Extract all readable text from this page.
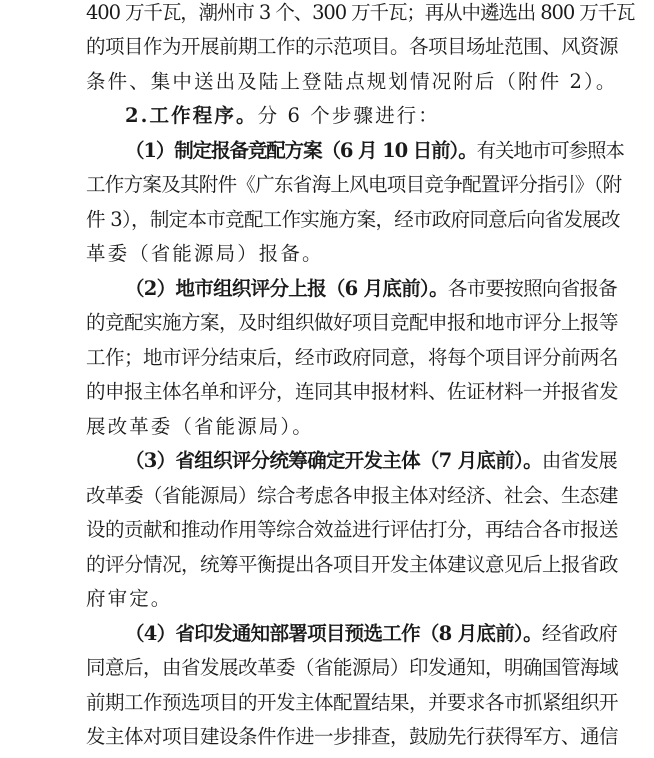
400 万千瓦，潮州市 3 个、300 万千瓦；再从中遴选出 800 万千瓦
的项目作为开展前期工作的示范项目。各项目场址范围、风资源
条件、集中送出及陆上登陆点规划情况附后（附件 2）。
2.工作程序。分 6 个步骤进行：
（1）制定报备竞配方案（6 月 10 日前）。有关地市可参照本
工作方案及其附件《广东省海上风电项目竞争配置评分指引》（附
件 3），制定本市竞配工作实施方案，经市政府同意后向省发展改
革委（省能源局）报备。
（2）地市组织评分上报（6 月底前）。各市要按照向省报备
的竞配实施方案，及时组织做好项目竞配申报和地市评分上报等
工作；地市评分结束后，经市政府同意，将每个项目评分前两名
的申报主体名单和评分，连同其申报材料、佐证材料一并报省发
展改革委（省能源局）。
（3）省组织评分统筹确定开发主体（7 月底前）。由省发展
改革委（省能源局）综合考虑各申报主体对经济、社会、生态建
设的贡献和推动作用等综合效益进行评估打分，再结合各市报送
的评分情况，统筹平衡提出各项目开发主体建议意见后上报省政
府审定。
（4）省印发通知部署项目预选工作（8 月底前）。经省政府
同意后，由省发展改革委（省能源局）印发通知，明确国管海域
前期工作预选项目的开发主体配置结果，并要求各市抓紧组织开
发主体对项目建设条件作进一步排查，鼓励先行获得军方、通信
